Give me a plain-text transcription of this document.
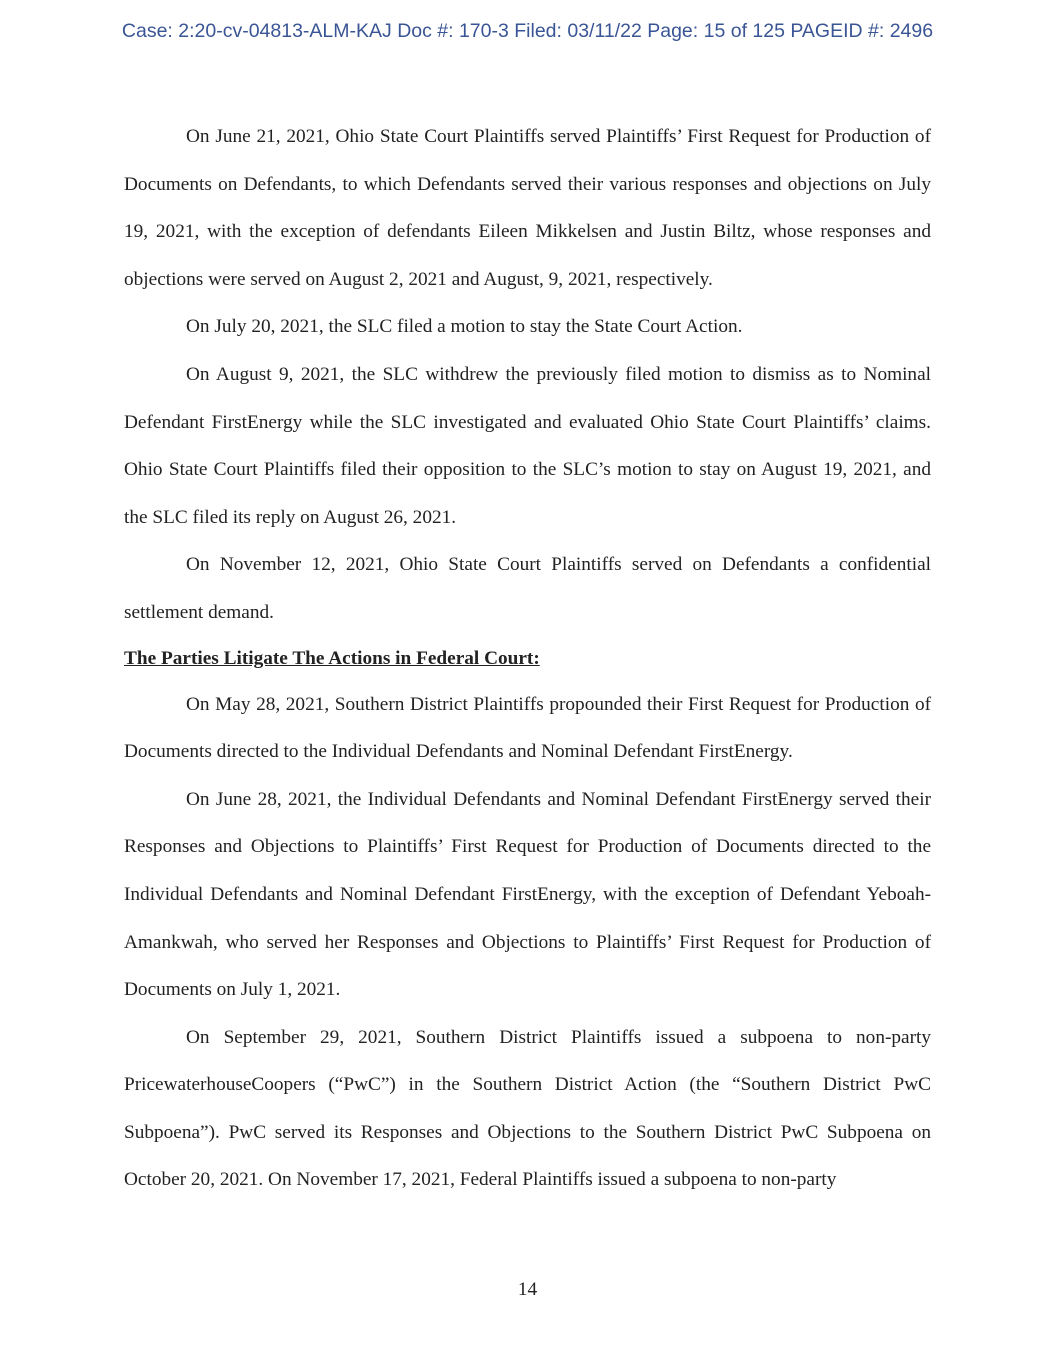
Case: 2:20-cv-04813-ALM-KAJ Doc #: 170-3 Filed: 03/11/22 Page: 15 of 125 PAGEID #: 2496

On June 21, 2021, Ohio State Court Plaintiffs served Plaintiffs’ First Request for Production of Documents on Defendants, to which Defendants served their various responses and objections on July 19, 2021, with the exception of defendants Eileen Mikkelsen and Justin Biltz, whose responses and objections were served on August 2, 2021 and August, 9, 2021, respectively.

On July 20, 2021, the SLC filed a motion to stay the State Court Action.

On August 9, 2021, the SLC withdrew the previously filed motion to dismiss as to Nominal Defendant FirstEnergy while the SLC investigated and evaluated Ohio State Court Plaintiffs’ claims. Ohio State Court Plaintiffs filed their opposition to the SLC’s motion to stay on August 19, 2021, and the SLC filed its reply on August 26, 2021.

On November 12, 2021, Ohio State Court Plaintiffs served on Defendants a confidential settlement demand.

The Parties Litigate The Actions in Federal Court:

On May 28, 2021, Southern District Plaintiffs propounded their First Request for Production of Documents directed to the Individual Defendants and Nominal Defendant FirstEnergy.

On June 28, 2021, the Individual Defendants and Nominal Defendant FirstEnergy served their Responses and Objections to Plaintiffs’ First Request for Production of Documents directed to the Individual Defendants and Nominal Defendant FirstEnergy, with the exception of Defendant Yeboah-Amankwah, who served her Responses and Objections to Plaintiffs’ First Request for Production of Documents on July 1, 2021.

On September 29, 2021, Southern District Plaintiffs issued a subpoena to non-party PricewaterhouseCoopers (“PwC”) in the Southern District Action (the “Southern District PwC Subpoena”). PwC served its Responses and Objections to the Southern District PwC Subpoena on October 20, 2021. On November 17, 2021, Federal Plaintiffs issued a subpoena to non-party

14
